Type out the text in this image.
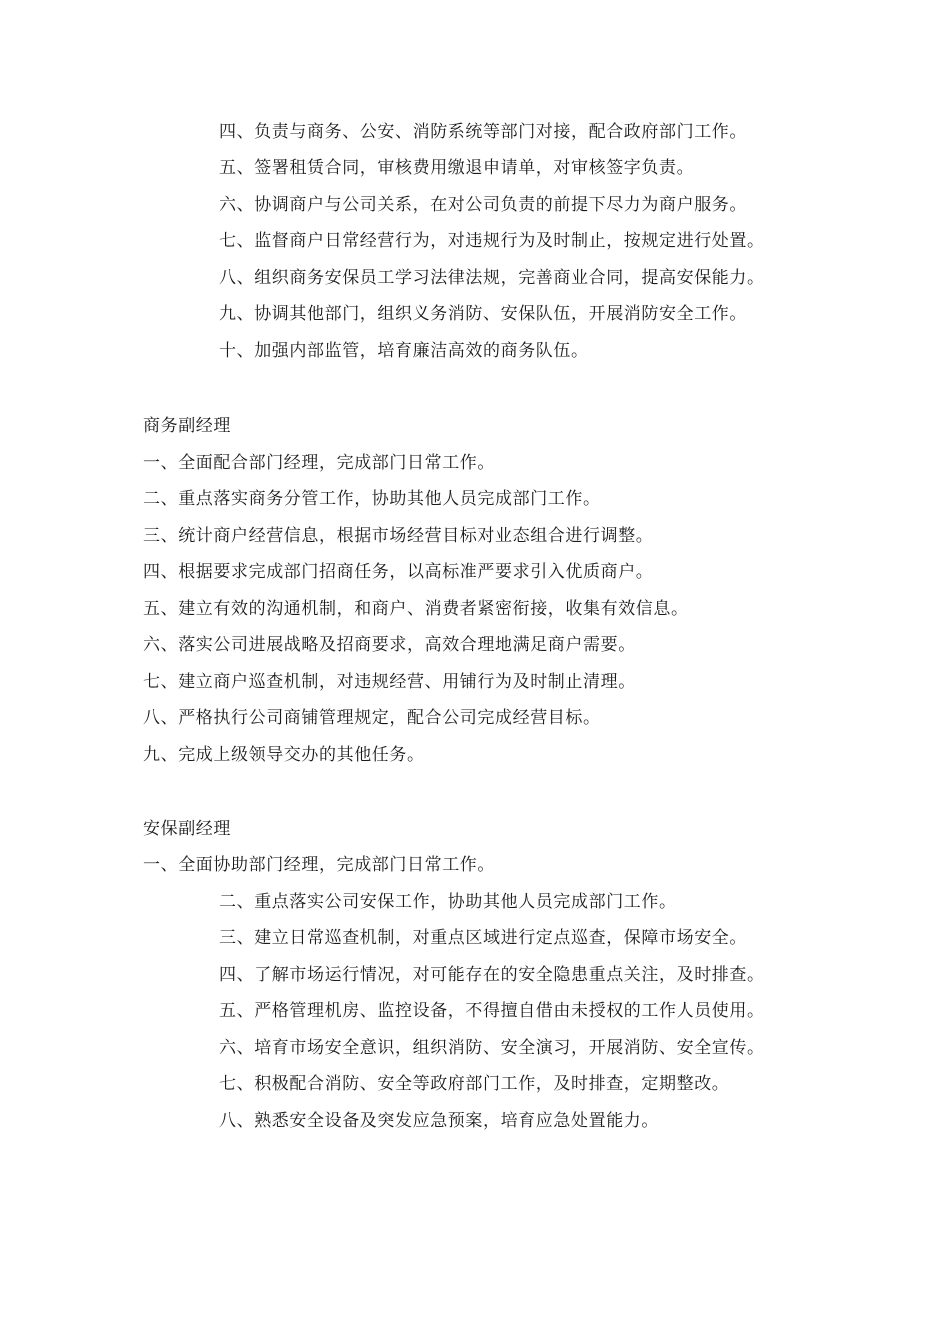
四、负责与商务、公安、消防系统等部门对接，配合政府部门工作。
五、签署租赁合同，审核费用缴退申请单，对审核签字负责。
六、协调商户与公司关系，在对公司负责的前提下尽力为商户服务。
七、监督商户日常经营行为，对违规行为及时制止，按规定进行处置。
八、组织商务安保员工学习法律法规，完善商业合同，提高安保能力。
九、协调其他部门，组织义务消防、安保队伍，开展消防安全工作。
十、加强内部监管，培育廉洁高效的商务队伍。
商务副经理
一、全面配合部门经理，完成部门日常工作。
二、重点落实商务分管工作，协助其他人员完成部门工作。
三、统计商户经营信息，根据市场经营目标对业态组合进行调整。
四、根据要求完成部门招商任务，以高标准严要求引入优质商户。
五、建立有效的沟通机制，和商户、消费者紧密衔接，收集有效信息。
六、落实公司进展战略及招商要求，高效合理地满足商户需要。
七、建立商户巡查机制，对违规经营、用铺行为及时制止清理。
八、严格执行公司商铺管理规定，配合公司完成经营目标。
九、完成上级领导交办的其他任务。
安保副经理
一、全面协助部门经理，完成部门日常工作。
二、重点落实公司安保工作，协助其他人员完成部门工作。
三、建立日常巡查机制，对重点区域进行定点巡查，保障市场安全。
四、了解市场运行情况，对可能存在的安全隐患重点关注，及时排查。
五、严格管理机房、监控设备，不得擅自借由未授权的工作人员使用。
六、培育市场安全意识，组织消防、安全演习，开展消防、安全宣传。
七、积极配合消防、安全等政府部门工作，及时排查，定期整改。
八、熟悉安全设备及突发应急预案，培育应急处置能力。
